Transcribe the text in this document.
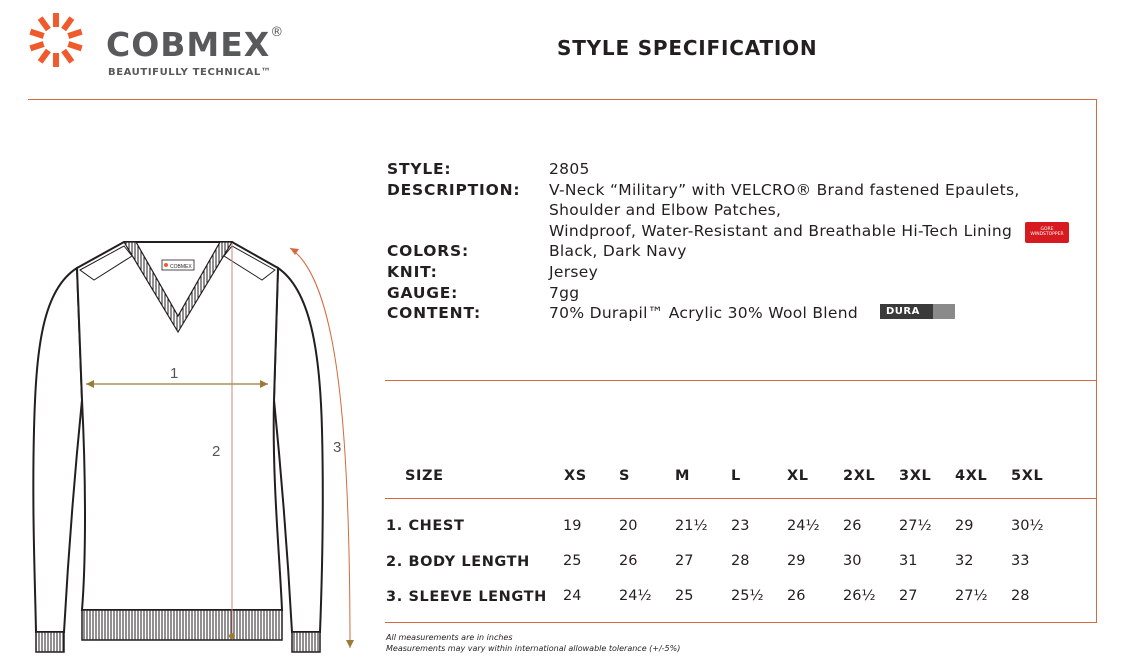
COBMEX®
BEAUTIFULLY TECHNICAL™
STYLE SPECIFICATION
COBMEX
1
2	3
STYLE:	2805
DESCRIPTION: V-Neck “Military” with VELCRO® Brand fastened Epaulets,
Shoulder and Elbow Patches,
Windproof, Water-Resistant and Breathable Hi-Tech Lining
COLORS:	Black, Dark Navy
KNIT:	Jersey
GAUGE:	7gg
CONTENT:	70% Durapil™ Acrylic 30% Wool Blend
GORE WINDSTOPPER
DURA
SIZE	XS S	M	L	XL 2XL 3XL 4XL 5XL
1. CHEST	19	20	21½ 23	24½ 26	27½ 29	30½
2. BODY LENGTH 25	26	27	28	29	30	31	32	33
3. SLEEVE LENGTH 24	24½ 25	25½ 26	26½ 27	27½ 28
All measurements are in inches
Measurements may vary within international allowable tolerance (+/-5%)
